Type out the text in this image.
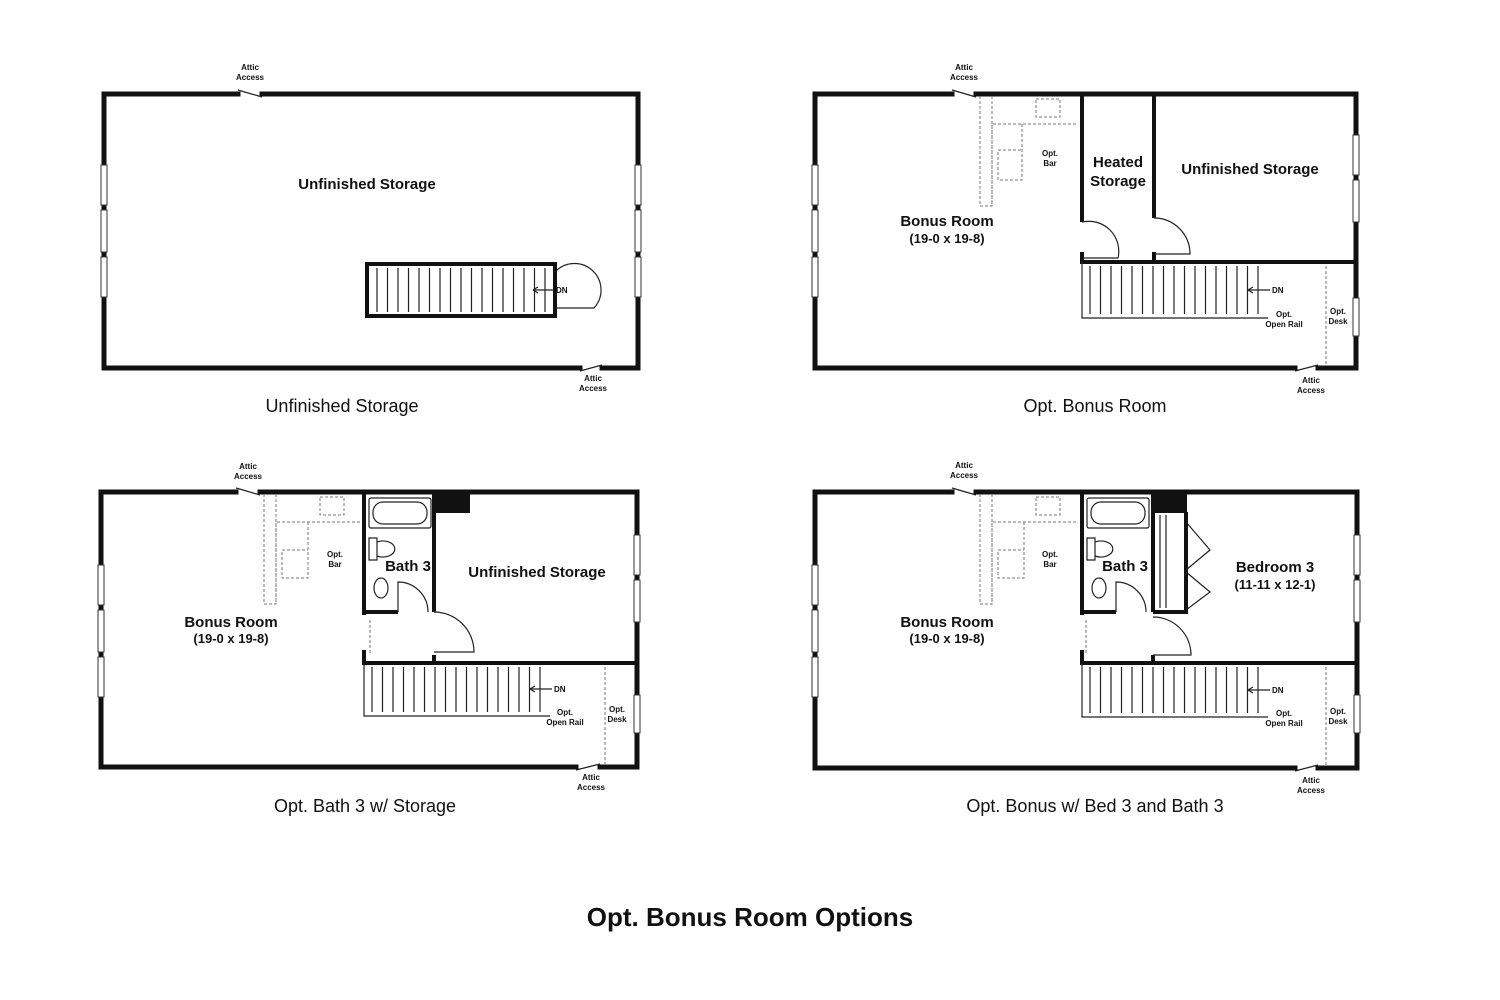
Unfinished Storage
DN
Attic
Access
Attic
Access
Unfinished Storage
Bonus Room
(19-0 x 19-8)
Heated
Storage
Unfinished Storage
Opt.
Bar
DN
Opt.
Open Rail
Opt.
Desk
Attic
Access
Attic
Access
Opt. Bonus Room
Bonus Room
(19-0 x 19-8)
Bath 3 Unfinished Storage
Opt.
Bar
DN
Opt.
Open Rail
Opt.
Desk
Attic
Access
Attic
Access
Opt. Bath 3 w/ Storage
Bonus Room
(19-0 x 19-8)
Bath 3	Bedroom 3
(11-11 x 12-1)
Opt.
Bar
DN
Opt.
Open Rail
Opt.
Desk
Attic
Access
Attic
Access
Opt. Bonus w/ Bed 3 and Bath 3
Opt. Bonus Room Options
